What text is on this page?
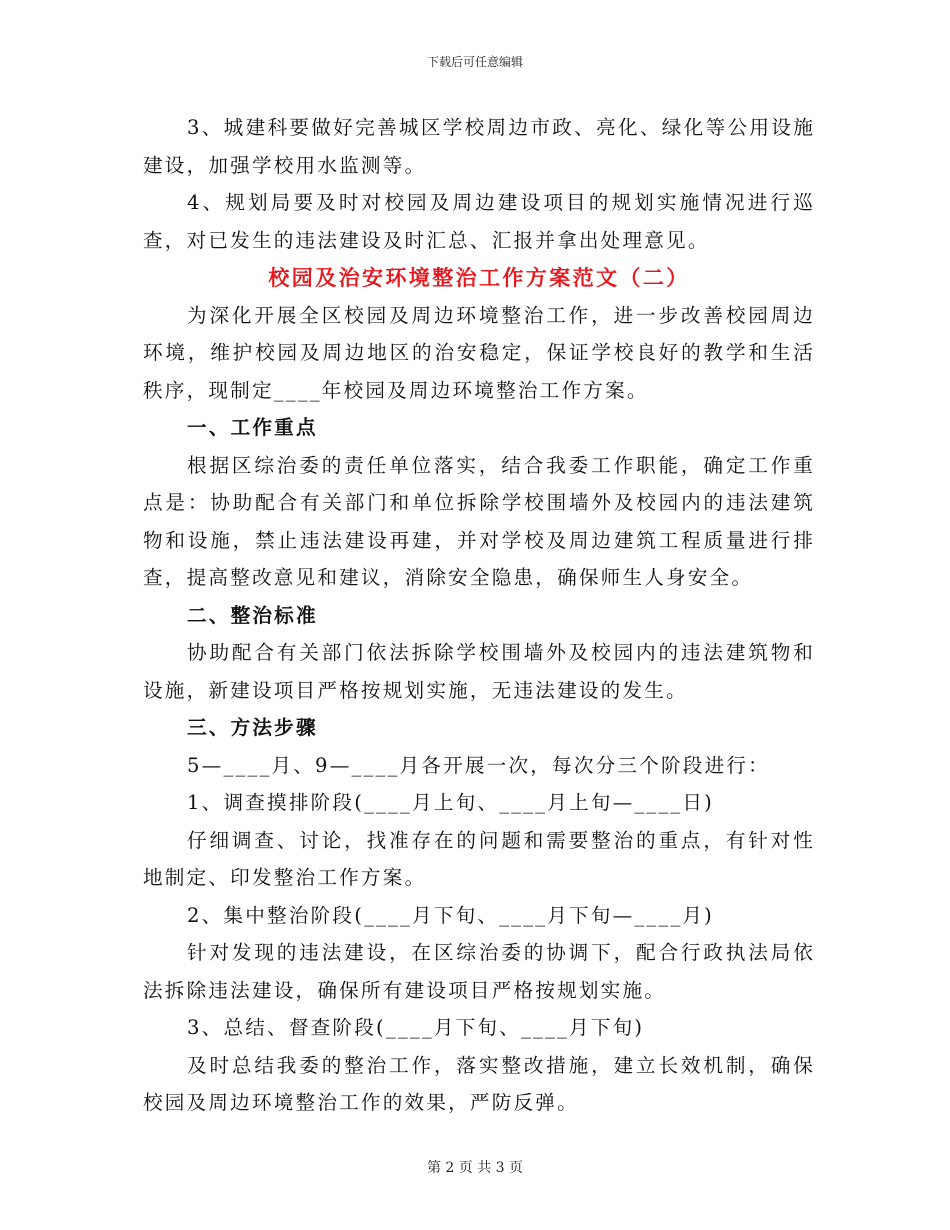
下载后可任意编辑

3、城建科要做好完善城区学校周边市政、亮化、绿化等公用设施建设，加强学校用水监测等。

4、规划局要及时对校园及周边建设项目的规划实施情况进行巡查，对已发生的违法建设及时汇总、汇报并拿出处理意见。

校园及治安环境整治工作方案范文（二）

为深化开展全区校园及周边环境整治工作，进一步改善校园周边环境，维护校园及周边地区的治安稳定，保证学校良好的教学和生活秩序，现制定____年校园及周边环境整治工作方案。

一、工作重点

根据区综治委的责任单位落实，结合我委工作职能，确定工作重点是：协助配合有关部门和单位拆除学校围墙外及校园内的违法建筑物和设施，禁止违法建设再建，并对学校及周边建筑工程质量进行排查，提高整改意见和建议，消除安全隐患，确保师生人身安全。

二、整治标准

协助配合有关部门依法拆除学校围墙外及校园内的违法建筑物和设施，新建设项目严格按规划实施，无违法建设的发生。

三、方法步骤

5—____月、9—____月各开展一次，每次分三个阶段进行：

1、调查摸排阶段(____月上旬、____月上旬—____日)

仔细调查、讨论，找准存在的问题和需要整治的重点，有针对性地制定、印发整治工作方案。

2、集中整治阶段(____月下旬、____月下旬—____月)

针对发现的违法建设，在区综治委的协调下，配合行政执法局依法拆除违法建设，确保所有建设项目严格按规划实施。

3、总结、督查阶段(____月下旬、____月下旬)

及时总结我委的整治工作，落实整改措施，建立长效机制，确保校园及周边环境整治工作的效果，严防反弹。

第 2 页 共 3 页
